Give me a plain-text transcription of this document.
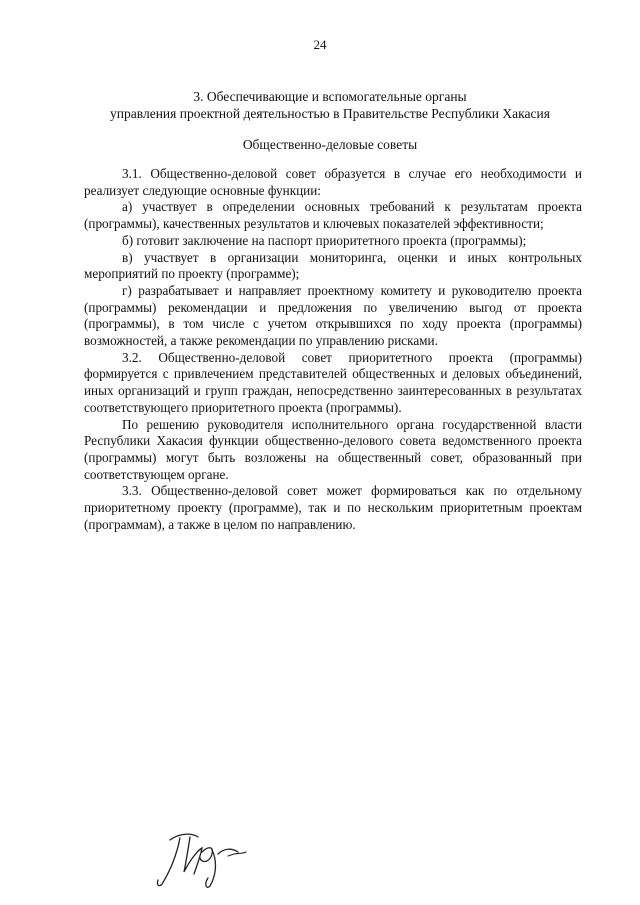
24
3. Обеспечивающие и вспомогательные органы
управления проектной деятельностью в Правительстве Республики Хакасия
Общественно-деловые советы

3.1. Общественно-деловой совет образуется в случае его необходимости и реализует следующие основные функции:

а) участвует в определении основных требований к результатам проекта (программы), качественных результатов и ключевых показателей эффективности;

б) готовит заключение на паспорт приоритетного проекта (программы);

в) участвует в организации мониторинга, оценки и иных контрольных мероприятий по проекту (программе);

г) разрабатывает и направляет проектному комитету и руководителю проекта (программы) рекомендации и предложения по увеличению выгод от проекта (программы), в том числе с учетом открывшихся по ходу проекта (программы) возможностей, а также рекомендации по управлению рисками.

3.2. Общественно-деловой совет приоритетного проекта (программы) формируется с привлечением представителей общественных и деловых объединений, иных организаций и групп граждан, непосредственно заинтересованных в результатах соответствующего приоритетного проекта (программы).

По решению руководителя исполнительного органа государственной власти Республики Хакасия функции общественно-делового совета ведомственного проекта (программы) могут быть возложены на общественный совет, образованный при соответствующем органе.

3.3. Общественно-деловой совет может формироваться как по отдельному приоритетному проекту (программе), так и по нескольким приоритетным проектам (программам), а также в целом по направлению.
